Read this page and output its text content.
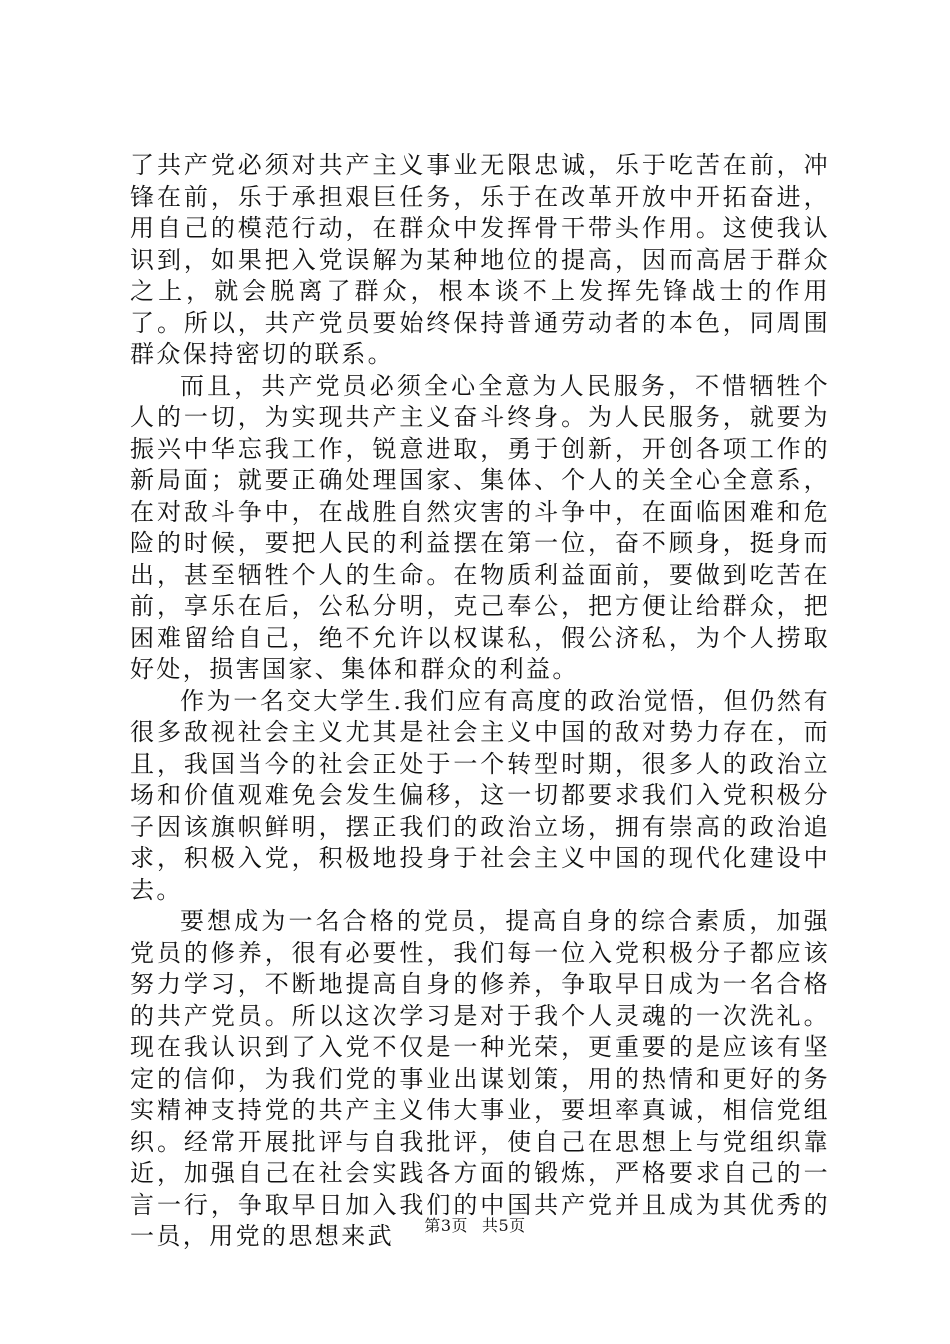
了共产党必须对共产主义事业无限忠诚，乐于吃苦在前，冲锋在前，乐于承担艰巨任务，乐于在改革开放中开拓奋进，用自己的模范行动，在群众中发挥骨干带头作用。这使我认识到，如果把入党误解为某种地位的提高，因而高居于群众之上，就会脱离了群众，根本谈不上发挥先锋战士的作用了。所以，共产党员要始终保持普通劳动者的本色，同周围群众保持密切的联系。

而且，共产党员必须全心全意为人民服务，不惜牺牲个人的一切，为实现共产主义奋斗终身。为人民服务，就要为振兴中华忘我工作，锐意进取，勇于创新，开创各项工作的新局面；就要正确处理国家、集体、个人的关全心全意系，在对敌斗争中，在战胜自然灾害的斗争中，在面临困难和危险的时候，要把人民的利益摆在第一位，奋不顾身，挺身而出，甚至牺牲个人的生命。在物质利益面前，要做到吃苦在前，享乐在后，公私分明，克己奉公，把方便让给群众，把困难留给自己，绝不允许以权谋私，假公济私，为个人捞取好处，损害国家、集体和群众的利益。

作为一名交大学生.我们应有高度的政治觉悟，但仍然有很多敌视社会主义尤其是社会主义中国的敌对势力存在，而且，我国当今的社会正处于一个转型时期，很多人的政治立场和价值观难免会发生偏移，这一切都要求我们入党积极分子因该旗帜鲜明，摆正我们的政治立场，拥有崇高的政治追求，积极入党，积极地投身于社会主义中国的现代化建设中去。

要想成为一名合格的党员，提高自身的综合素质，加强党员的修养，很有必要性，我们每一位入党积极分子都应该努力学习，不断地提高自身的修养，争取早日成为一名合格的共产党员。所以这次学习是对于我个人灵魂的一次洗礼。现在我认识到了入党不仅是一种光荣，更重要的是应该有坚定的信仰，为我们党的事业出谋划策，用的热情和更好的务实精神支持党的共产主义伟大事业，要坦率真诚，相信党组织。经常开展批评与自我批评，使自己在思想上与党组织靠近，加强自己在社会实践各方面的锻炼，严格要求自己的一言一行，争取早日加入我们的中国共产党并且成为其优秀的一员，用党的思想来武	第3页 共5页
